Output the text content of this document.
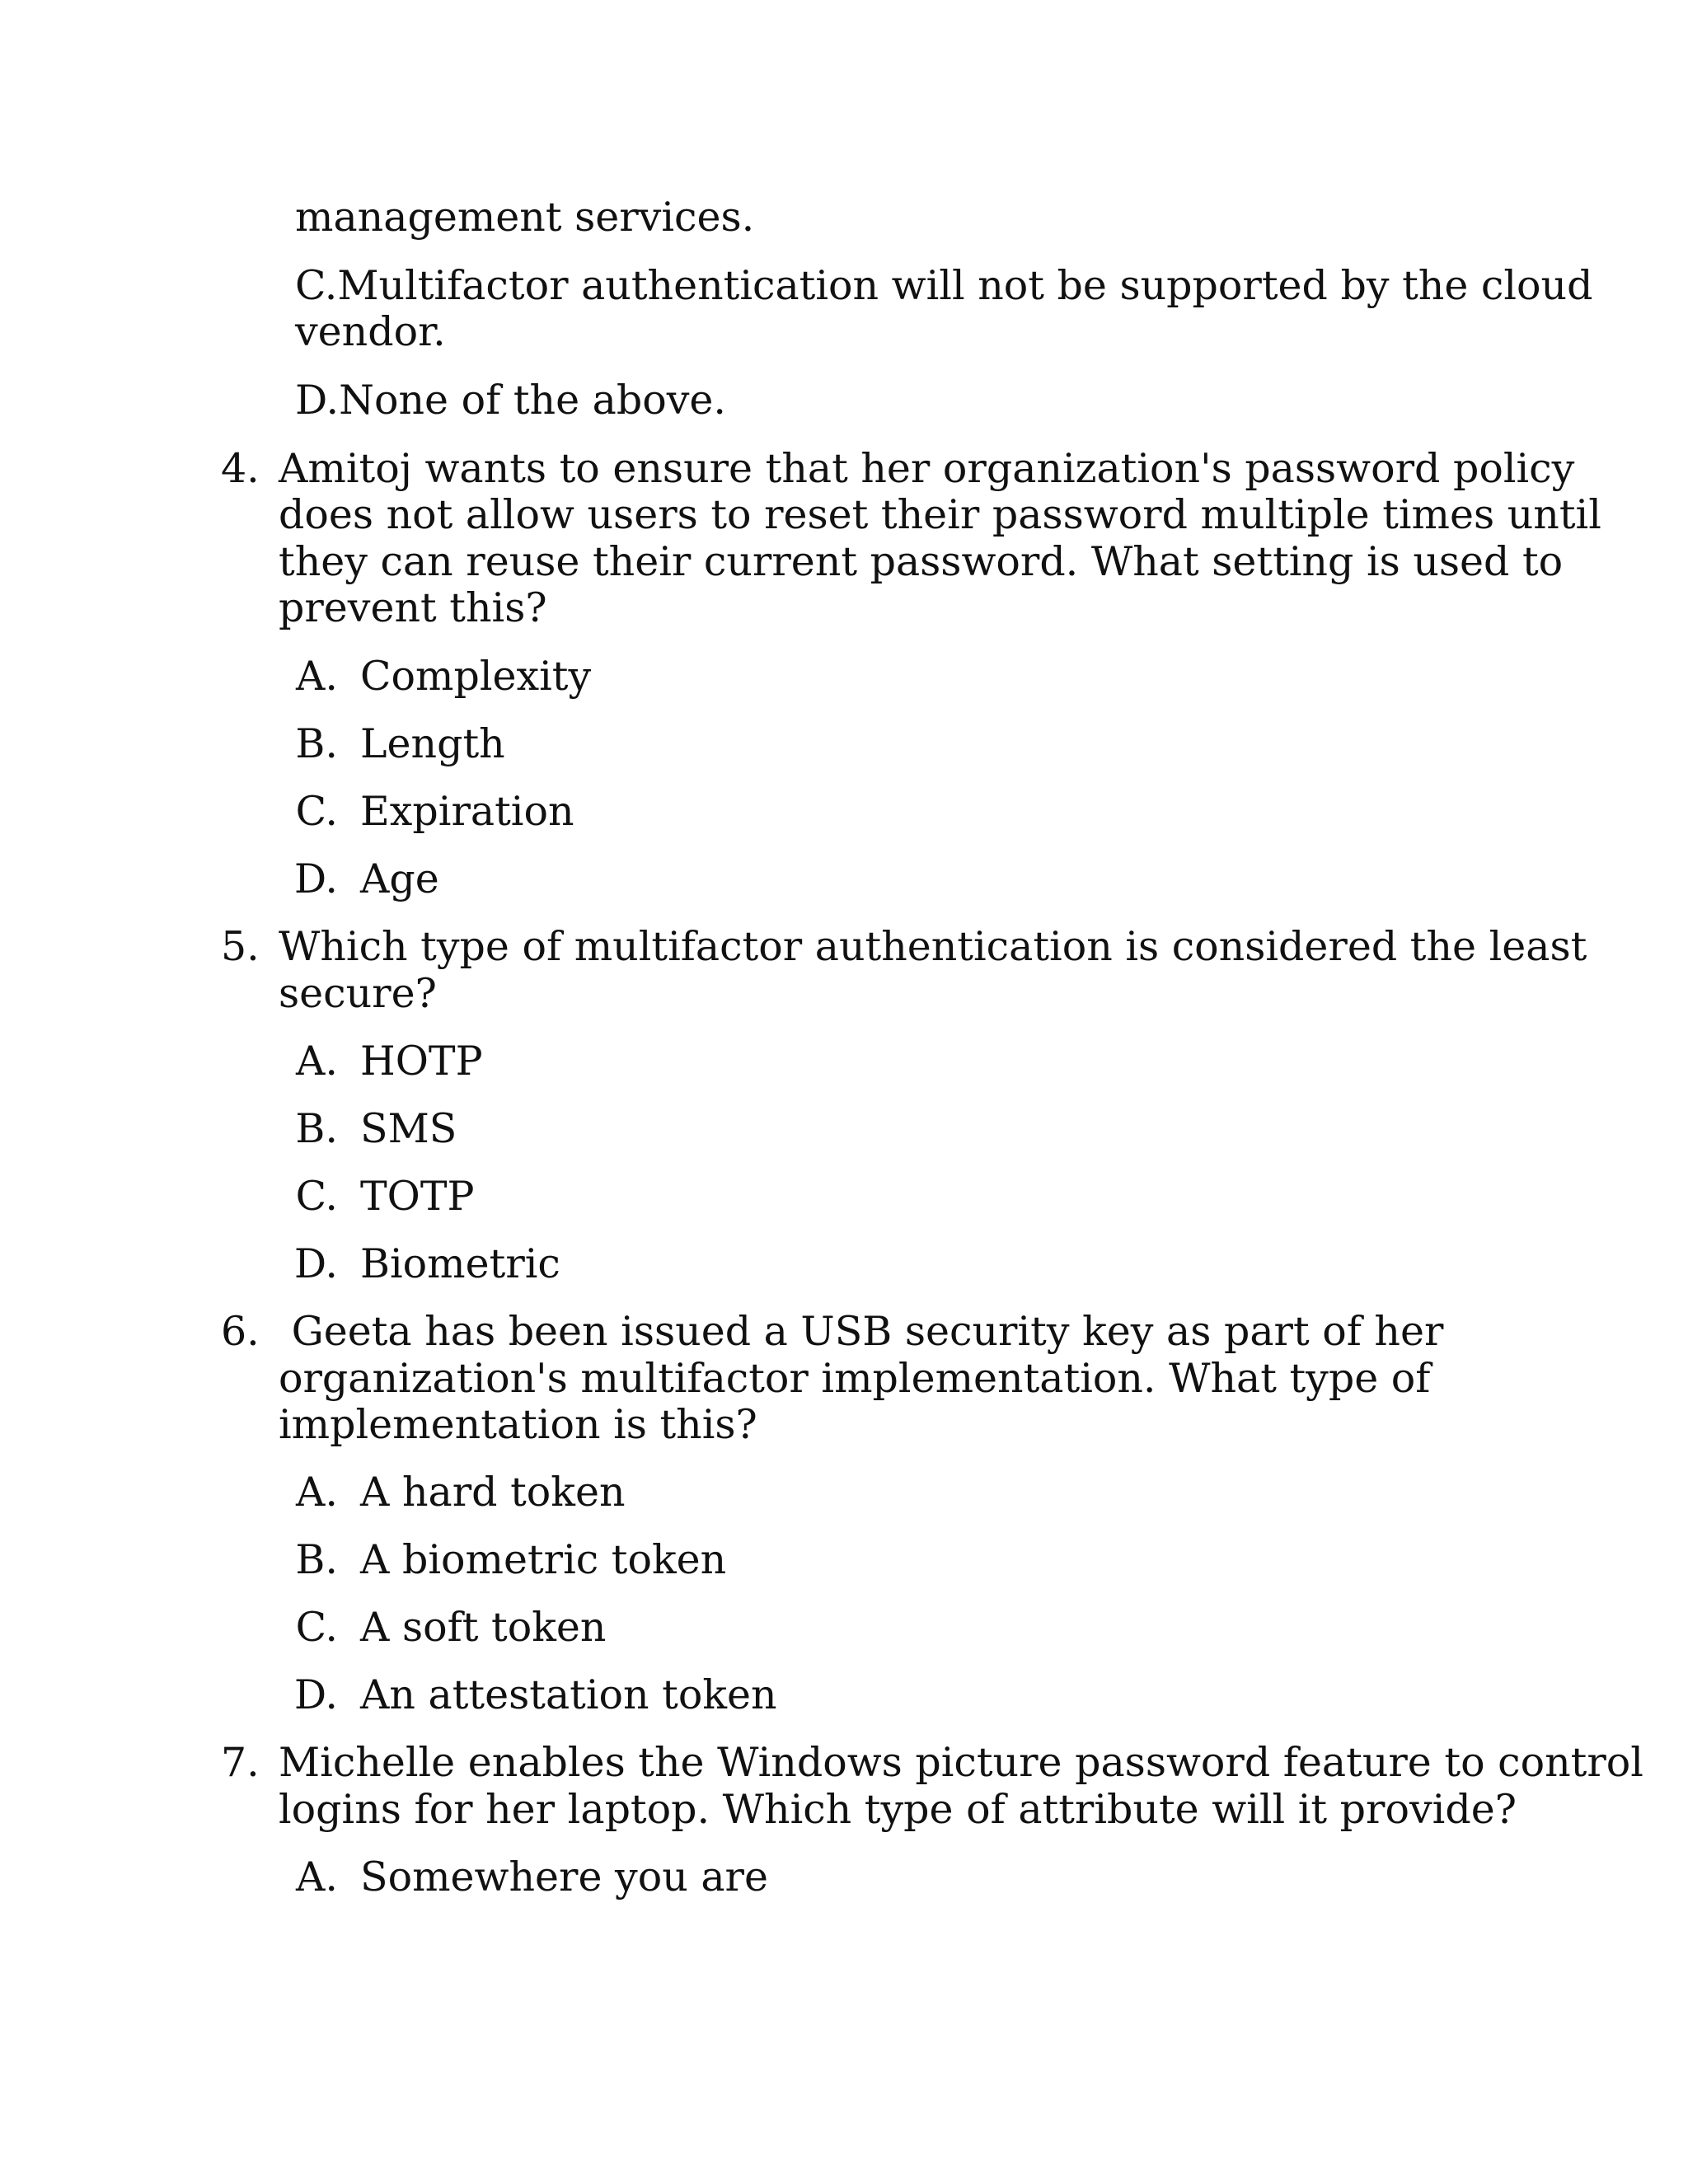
management services.

C.Multifactor authentication will not be supported by the cloud

vendor.

D.None of the above.

4. Amitoj wants to ensure that her organization's password policy

does not allow users to reset their password multiple times until

they can reuse their current password. What setting is used to

prevent this?

A. Complexity

B. Length

C. Expiration

D. Age

5. Which type of multifactor authentication is considered the least

secure?

A. HOTP

B. SMS

C. TOTP

D. Biometric

6. Geeta has been issued a USB security key as part of her

organization's multifactor implementation. What type of

implementation is this?

A. A hard token

B. A biometric token

C. A soft token

D. An attestation token

7. Michelle enables the Windows picture password feature to control

logins for her laptop. Which type of attribute will it provide?

A. Somewhere you are
